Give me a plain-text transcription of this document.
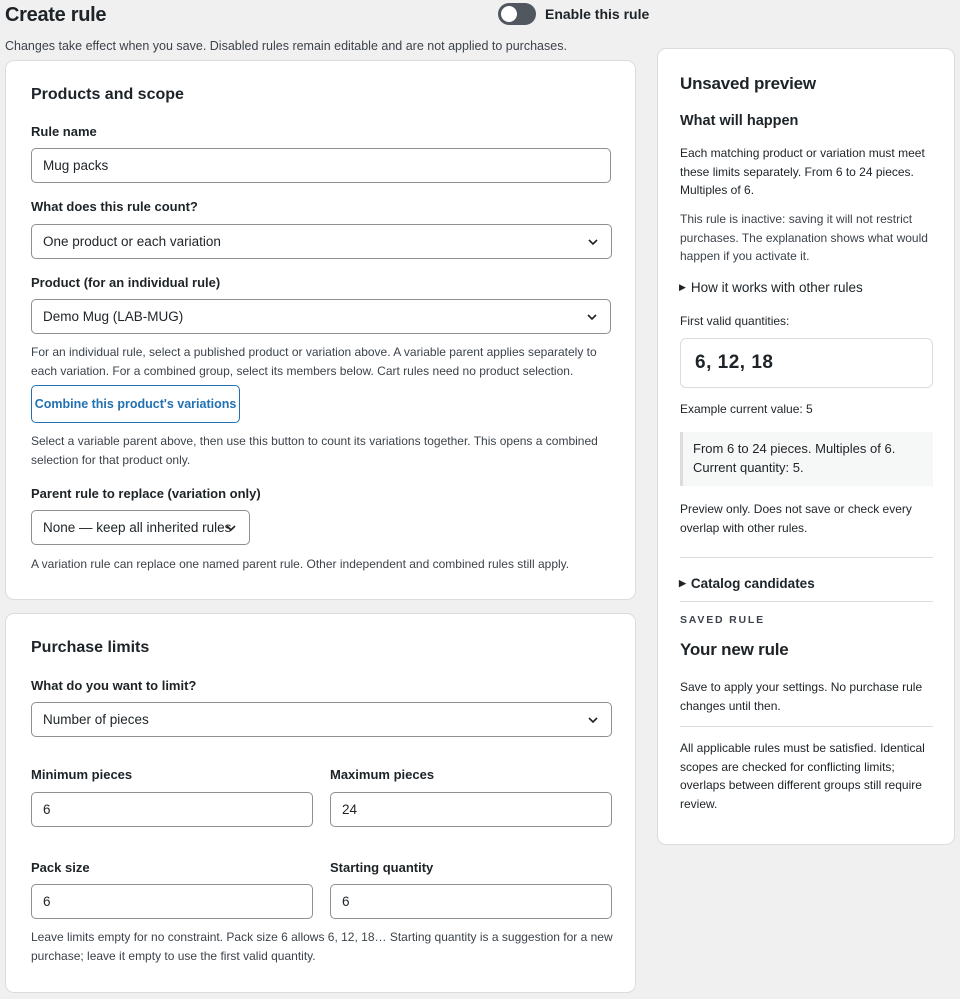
Create rule	Enable this rule
Changes take effect when you save. Disabled rules remain editable and are not applied to purchases.
Products and scope
Rule name
Mug packs
What does this rule count?
One product or each variation
Product (for an individual rule)
Demo Mug (LAB-MUG)
For an individual rule, select a published product or variation above. A variable parent applies separately to
each variation. For a combined group, select its members below. Cart rules need no product selection.
Combine this product's variations
Select a variable parent above, then use this button to count its variations together. This opens a combined
selection for that product only.
Parent rule to replace (variation only)
None — keep all inherited rules
A variation rule can replace one named parent rule. Other independent and combined rules still apply.
Purchase limits
What do you want to limit?
Number of pieces
Minimum pieces
6
Maximum pieces
24
Pack size
6
Starting quantity
6
Leave limits empty for no constraint. Pack size 6 allows 6, 12, 18… Starting quantity is a suggestion for a new
purchase; leave it empty to use the first valid quantity.
Unsaved preview
What will happen
Each matching product or variation must meet
these limits separately. From 6 to 24 pieces.
Multiples of 6.
This rule is inactive: saving it will not restrict
purchases. The explanation shows what would
happen if you activate it.
▶ How it works with other rules
First valid quantities:
6, 12, 18
Example current value: 5
From 6 to 24 pieces. Multiples of 6.
Current quantity: 5.
Preview only. Does not save or check every
overlap with other rules.
▶ Catalog candidates
SAVED RULE
Your new rule
Save to apply your settings. No purchase rule
changes until then.
All applicable rules must be satisfied. Identical
scopes are checked for conflicting limits;
overlaps between different groups still require
review.
